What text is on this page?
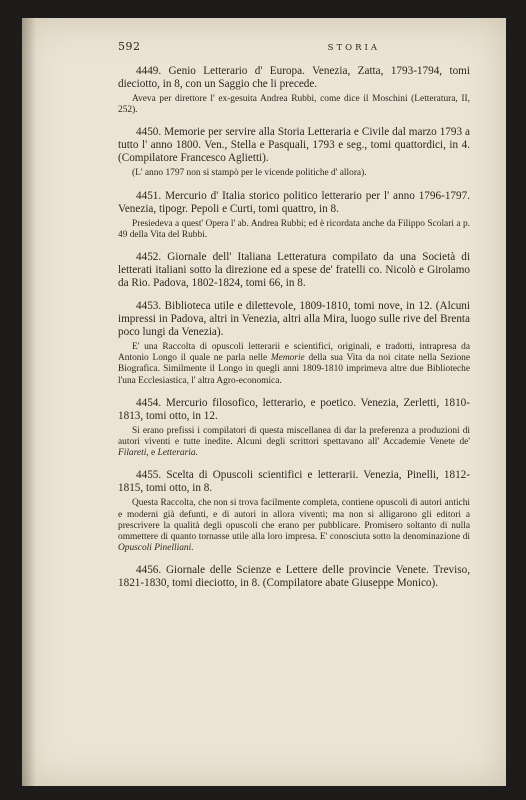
592	STORIA

4449. Genio Letterario d' Europa. Venezia, Zatta, 1793-1794, tomi dieciotto, in 8, con un Saggio che li precede.

Aveva per direttore l' ex-gesuita Andrea Rubbi, come dice il Moschini (Letteratura, II, 252).

4450. Memorie per servire alla Storia Letteraria e Civile dal marzo 1793 a tutto l' anno 1800. Ven., Stella e Pasquali, 1793 e seg., tomi quattordici, in 4. (Compilatore Francesco Aglietti).

(L' anno 1797 non si stampò per le vicende politiche d' allora).

4451. Mercurio d' Italia storico politico letterario per l' anno 1796-1797. Venezia, tipogr. Pepoli e Curti, tomi quattro, in 8.

Presiedeva a quest' Opera l' ab. Andrea Rubbi; ed è ricordata anche da Filippo Scolari a p. 49 della Vita del Rubbi.

4452. Giornale dell' Italiana Letteratura compilato da una Società di letterati italiani sotto la direzione ed a spese de' fratelli co. Nicolò e Girolamo da Rio. Padova, 1802-1824, tomi 66, in 8.

4453. Biblioteca utile e dilettevole, 1809-1810, tomi nove, in 12. (Alcuni impressi in Padova, altri in Venezia, altri alla Mira, luogo sulle rive del Brenta poco lungi da Venezia).

E' una Raccolta di opuscoli letterarii e scientifici, originali, e tradotti, intrapresa da Antonio Longo il quale ne parla nelle Memorie della sua Vita da noi citate nella Sezione Biografica. Similmente il Longo in quegli anni 1809-1810 imprimeva altre due Biblioteche l'una Ecclesiastica, l' altra Agro-economica.

4454. Mercurio filosofico, letterario, e poetico. Venezia, Zerletti, 1810-1813, tomi otto, in 12.

Si erano prefissi i compilatori di questa miscellanea di dar la preferenza a produzioni di autori viventi e tutte inedite. Alcuni degli scrittori spettavano all' Accademie Venete de' Filareti, e Letteraria.

4455. Scelta di Opuscoli scientifici e letterarii. Venezia, Pinelli, 1812-1815, tomi otto, in 8.

Questa Raccolta, che non si trova facilmente completa, contiene opuscoli di autori antichi e moderni già defunti, e di autori in allora viventi; ma non si alligarono gli editori a prescrivere la qualità degli opuscoli che erano per pubblicare. Promisero soltanto di nulla ommettere di quanto tornasse utile alla loro impresa. E' conosciuta sotto la denominazione di Opuscoli Pinelliani.

4456. Giornale delle Scienze e Lettere delle provincie Venete. Treviso, 1821-1830, tomi dieciotto, in 8. (Compilatore abate Giuseppe Monico).
